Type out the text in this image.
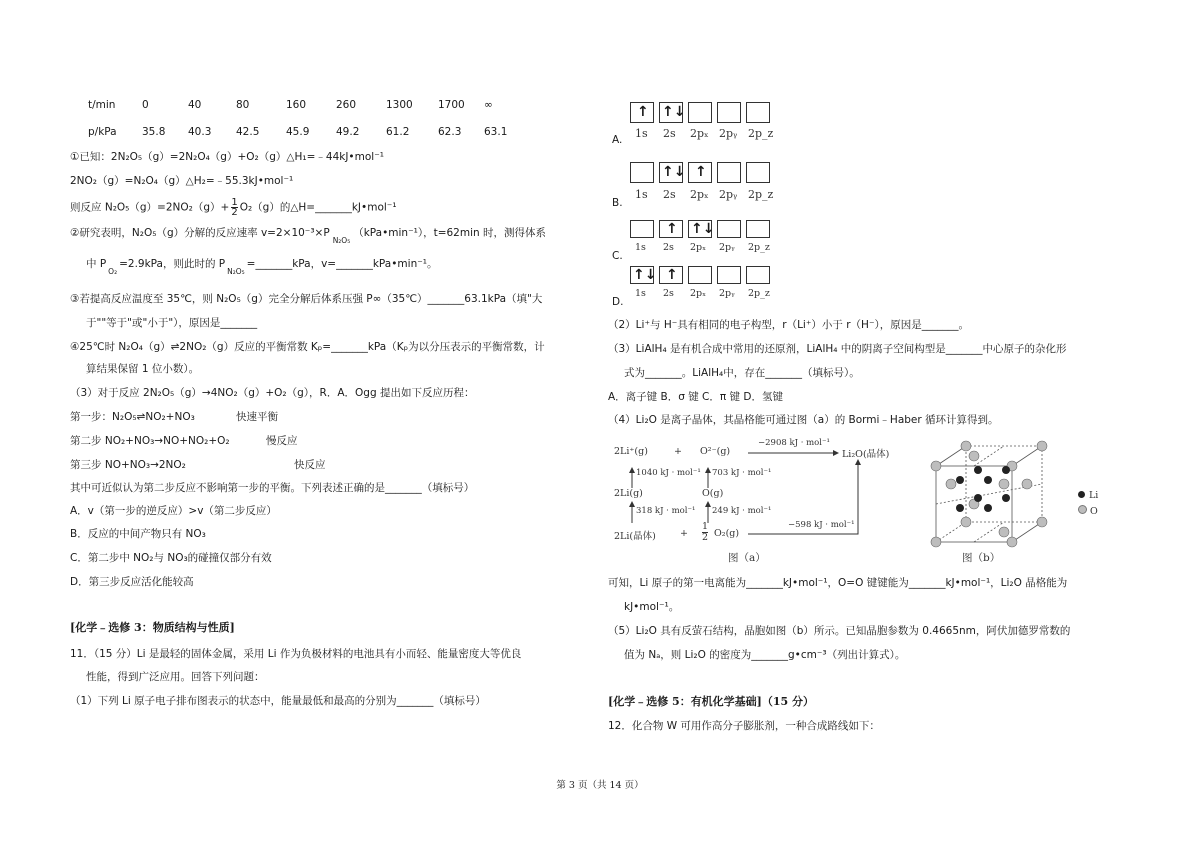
t/min	0	40	80	160	260	1300	1700	∞
p/kPa	35.8	40.3	42.5	45.9	49.2	61.2	62.3	63.1
①已知：2N₂O₅（g）=2N₂O₄（g）+O₂（g）△H₁=﹣44kJ•mol⁻¹
2NO₂（g）=N₂O₄（g）△H₂=﹣55.3kJ•mol⁻¹
则反应 $N_2O_5(g)=2NO_2(g)+ \frac{1}{2} O_2(g)$的△H=_______kJ•mol⁻¹
②研究表明，N₂O₅（g）分解的反应速率 $v=2\times 10^{-3}\times P_{N_2O_5}(kPa•\min^{-1})$，t=62min 时，测得体系
中 $P_{O_2}=2.9kPa$，则此时的 $P_{N_2O_5}=\_\_\_\_\_\_\_kPa$，v=_______kPa•min⁻¹。
③若提高反应温度至 35℃，则 N₂O₅（g）完全分解后体系压强 P∞（35℃）_______63.1kPa（填"大
于""等于"或"小于"），原因是_______
④25℃时 N₂O₄（g）⇌2NO₂（g）反应的平衡常数 Kₚ=_______kPa（Kₚ为以分压表示的平衡常数，计
算结果保留 1 位小数）。
（3）对于反应 2N₂O₅（g）→4NO₂（g）+O₂（g），R．A．Ogg 提出如下反应历程：
第一步：N₂O₅⇌NO₂+NO₃	快速平衡
第二步 NO₂+NO₃→NO+NO₂+O₂	慢反应
第三步 NO+NO₃→2NO₂	快反应
其中可近似认为第二步反应不影响第一步的平衡。下列表述正确的是_______（填标号）
A．v（第一步的逆反应）>v（第二步反应）
B．反应的中间产物只有 NO₃
C．第二步中 NO₂与 NO₃的碰撞仅部分有效
D．第三步反应活化能较高
[化学﹣选修 3：物质结构与性质]
11．（15 分）Li 是最轻的固体金属，采用 Li 作为负极材料的电池具有小而轻、能量密度大等优良
性能，得到广泛应用。回答下列问题：
（1）下列 Li 原子电子排布图表示的状态中，能量最低和最高的分别为_______（填标号）
A.
↑ ↑↓
1s 2s 2pₓ 2pᵧ 2p_z
B.
↑↓ ↑
1s 2s 2pₓ 2pᵧ 2p_z
C.
↑ ↑↓
1s 2s 2pₓ 2pᵧ 2p_z
D.
↑↓ ↑
1s 2s 2pₓ 2pᵧ 2p_z
（2）Li⁺与 H⁻具有相同的电子构型，r（Li⁺）小于 r（H⁻），原因是_______。
（3）LiAlH₄ 是有机合成中常用的还原剂，LiAlH₄ 中的阴离子空间构型是_______中心原子的杂化形
式为_______。LiAlH₄中，存在_______（填标号）。
A．离子键 B．σ 键 C．π 键 D．氢键
（4）Li₂O 是离子晶体，其晶格能可通过图（a）的 Bormi﹣Haber 循环计算得到。
2Li⁺(g)	+ O²⁻(g)
−2908 kJ · mol⁻¹
Li₂O(晶体)
1040 kJ · mol⁻¹ 703 kJ · mol⁻¹
2Li(g)	O(g)
318 kJ · mol⁻¹ 249 kJ · mol⁻¹
−598 kJ · mol⁻¹
2Li(晶体)	+ $\frac{1}{2} O_2(g)$
图（a）	图（b）
Li
O
可知，Li 原子的第一电离能为_______kJ•mol⁻¹，O=O 键键能为_______kJ•mol⁻¹，Li₂O 晶格能为
kJ•mol⁻¹。
（5）Li₂O 具有反萤石结构，晶胞如图（b）所示。已知晶胞参数为 0.4665nm，阿伏加德罗常数的
值为 Nₐ，则 Li₂O 的密度为_______g•cm⁻³（列出计算式）。
[化学﹣选修 5：有机化学基础]（15 分）
12．化合物 W 可用作高分子膨胀剂，一种合成路线如下：
第 3 页（共 14 页）
